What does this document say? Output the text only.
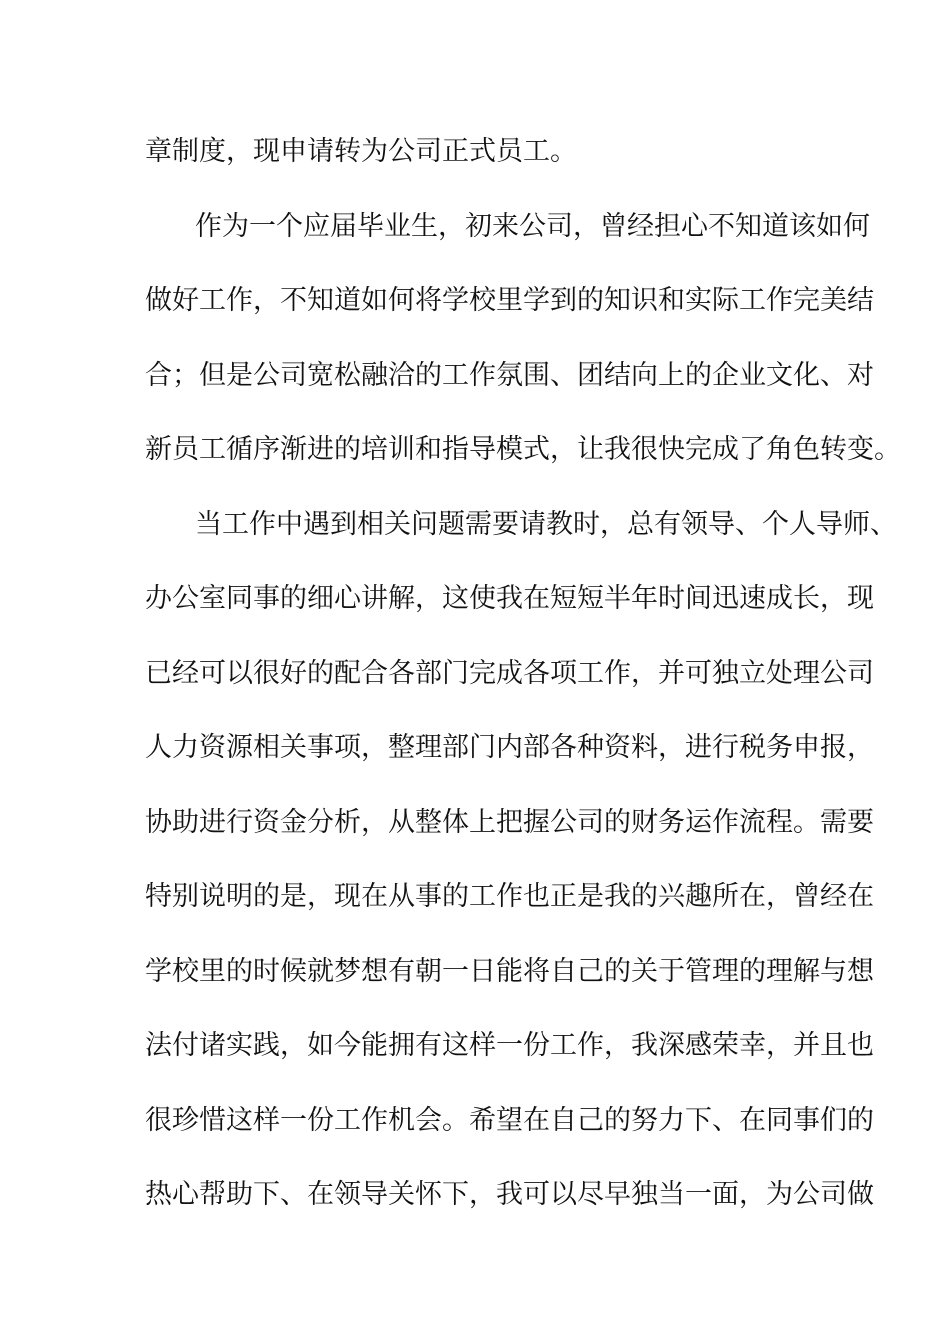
章制度，现申请转为公司正式员工。
作为一个应届毕业生，初来公司，曾经担心不知道该如何
做好工作，不知道如何将学校里学到的知识和实际工作完美结
合；但是公司宽松融洽的工作氛围、团结向上的企业文化、对
新员工循序渐进的培训和指导模式，让我很快完成了角色转变。
当工作中遇到相关问题需要请教时，总有领导、个人导师、
办公室同事的细心讲解，这使我在短短半年时间迅速成长，现
已经可以很好的配合各部门完成各项工作，并可独立处理公司
人力资源相关事项，整理部门内部各种资料，进行税务申报，
协助进行资金分析，从整体上把握公司的财务运作流程。需要
特别说明的是，现在从事的工作也正是我的兴趣所在，曾经在
学校里的时候就梦想有朝一日能将自己的关于管理的理解与想
法付诸实践，如今能拥有这样一份工作，我深感荣幸，并且也
很珍惜这样一份工作机会。希望在自己的努力下、在同事们的
热心帮助下、在领导关怀下，我可以尽早独当一面，为公司做
